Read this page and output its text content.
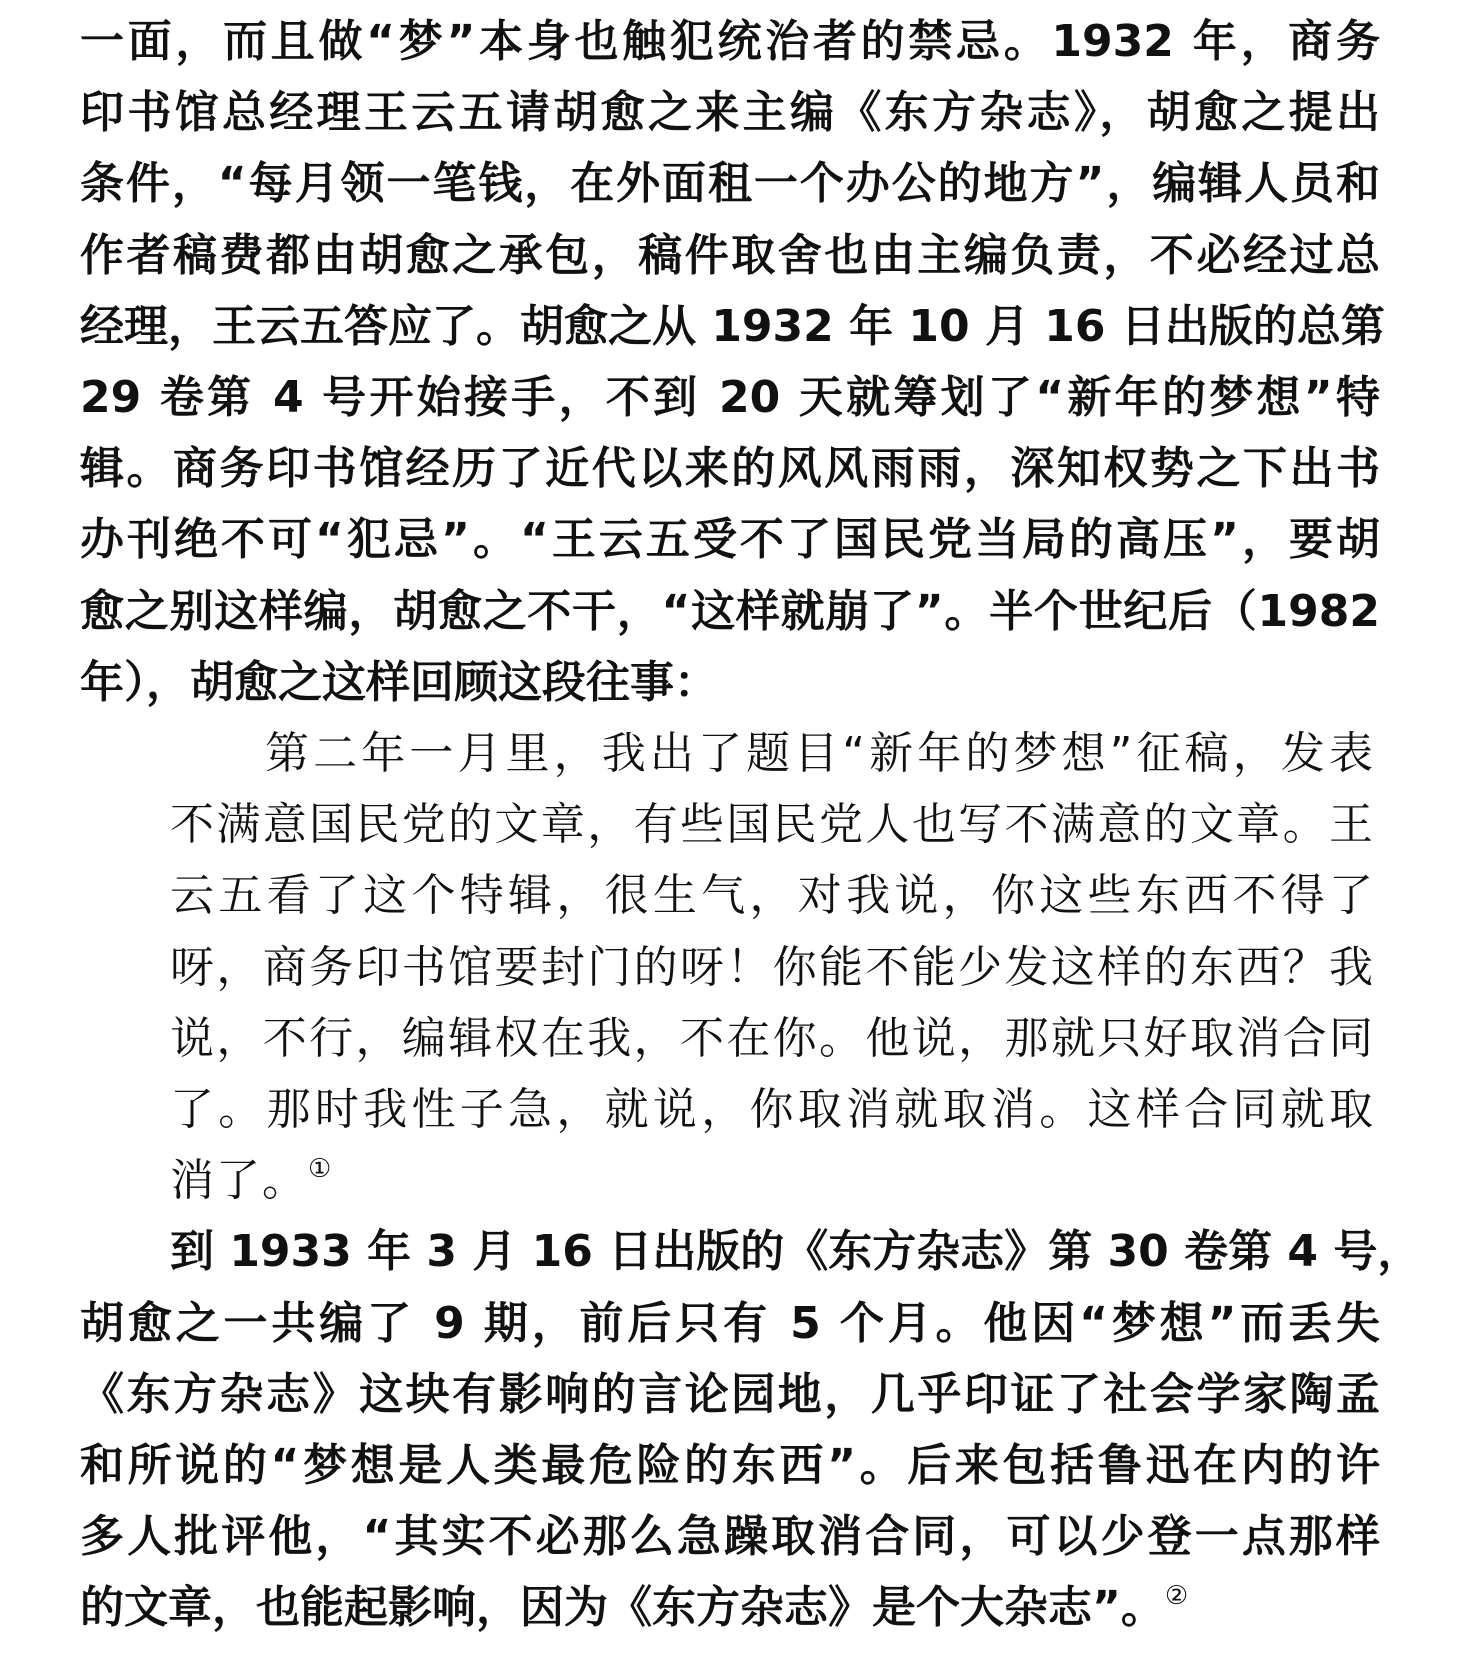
一面，而且做“梦”本身也触犯统治者的禁忌。1932 年，商务
印书馆总经理王云五请胡愈之来主编《东方杂志》，胡愈之提出
条件，“每月领一笔钱，在外面租一个办公的地方”，编辑人员和
作者稿费都由胡愈之承包，稿件取舍也由主编负责，不必经过总
经理，王云五答应了。胡愈之从 1932 年 10 月 16 日出版的总第
29 卷第 4 号开始接手，不到 20 天就筹划了“新年的梦想”特
辑。商务印书馆经历了近代以来的风风雨雨，深知权势之下出书
办刊绝不可“犯忌”。“王云五受不了国民党当局的高压”，要胡
愈之别这样编，胡愈之不干，“这样就崩了”。半个世纪后（1982
年），胡愈之这样回顾这段往事：
第二年一月里，我出了题目“新年的梦想”征稿，发表
不满意国民党的文章，有些国民党人也写不满意的文章。王
云五看了这个特辑，很生气，对我说，你这些东西不得了
呀，商务印书馆要封门的呀！你能不能少发这样的东西？我
说，不行，编辑权在我，不在你。他说，那就只好取消合同
了。那时我性子急，就说，你取消就取消。这样合同就取
消了。①
到 1933 年 3 月 16 日出版的《东方杂志》第 30 卷第 4 号，
胡愈之一共编了 9 期，前后只有 5 个月。他因“梦想”而丢失
《东方杂志》这块有影响的言论园地，几乎印证了社会学家陶孟
和所说的“梦想是人类最危险的东西”。后来包括鲁迅在内的许
多人批评他，“其实不必那么急躁取消合同，可以少登一点那样
的文章，也能起影响，因为《东方杂志》是个大杂志”。②
